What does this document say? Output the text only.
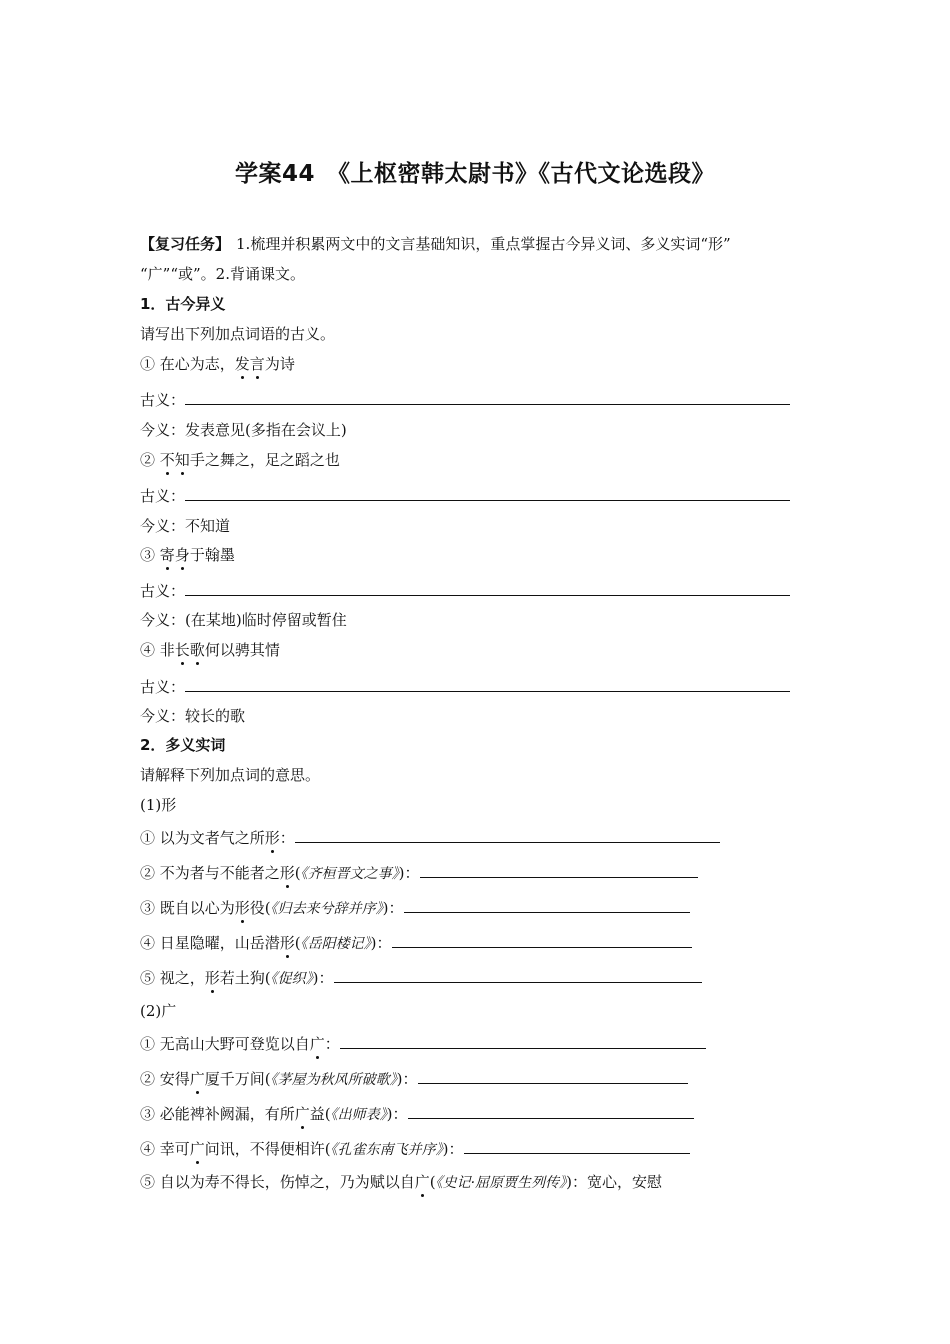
学案44　《上枢密韩太尉书》《古代文论选段》
【复习任务】 1.梳理并积累两文中的文言基础知识，重点掌握古今异义词、多义实词“形”
“广”“或”。2.背诵课文。
1．古今异义
请写出下列加点词语的古义。
① 在心为志，发言为诗
古义：
今义：发表意见(多指在会议上)
② 不知手之舞之，足之蹈之也
古义：
今义：不知道
③ 寄身于翰墨
古义：
今义：(在某地)临时停留或暂住
④ 非长歌何以骋其情
古义：
今义：较长的歌
2．多义实词
请解释下列加点词的意思。
(1)形
① 以为文者气之所形：
② 不为者与不能者之形(《齐桓晋文之事》)：
③ 既自以心为形役(《归去来兮辞并序》)：
④ 日星隐曜，山岳潜形(《岳阳楼记》)：
⑤ 视之，形若土狗(《促织》)：
(2)广
① 无高山大野可登览以自广：
② 安得广厦千万间(《茅屋为秋风所破歌》)：
③ 必能裨补阙漏，有所广益(《出师表》)：
④ 幸可广问讯，不得便相许(《孔雀东南飞并序》)：
⑤ 自以为寿不得长，伤悼之，乃为赋以自广(《史记·屈原贾生列传》)：宽心，安慰
